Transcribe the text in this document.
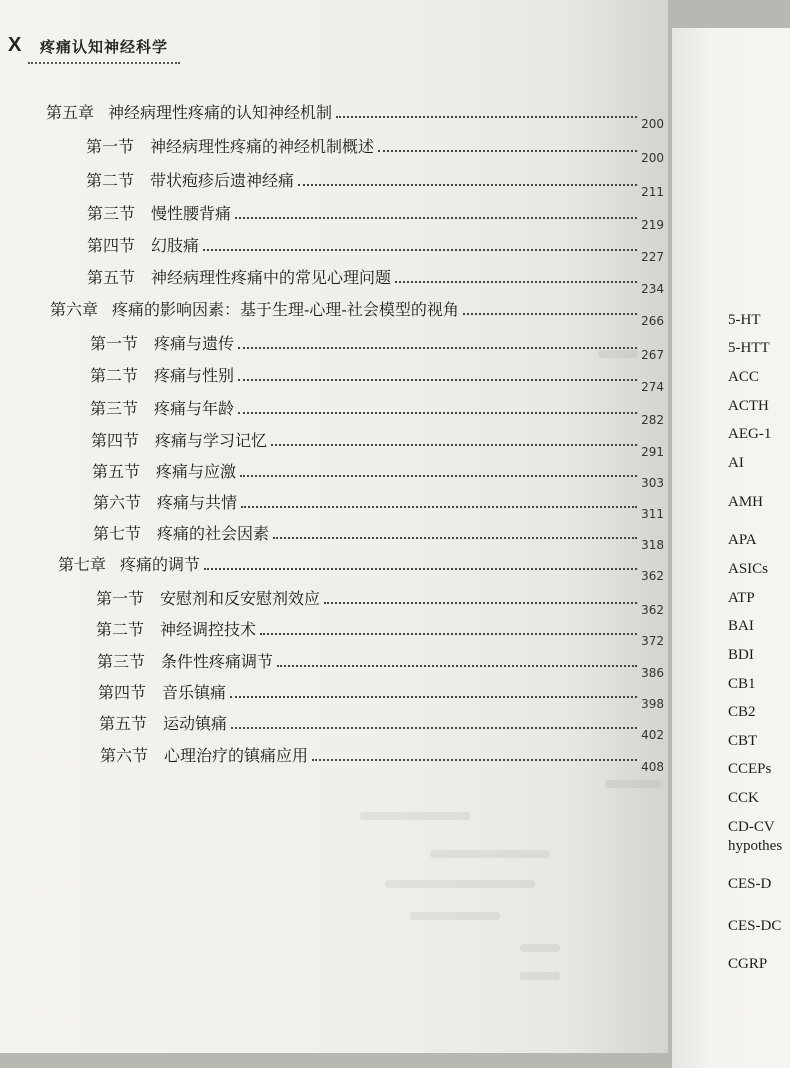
X 疼痛认知神经科学
第五章 神经病理性疼痛的认知神经机制
200
第一节 神经病理性疼痛的神经机制概述
200
第二节 带状疱疹后遗神经痛
211
第三节 慢性腰背痛
219
第四节 幻肢痛
227
第五节 神经病理性疼痛中的常见心理问题
234
第六章 疼痛的影响因素：基于生理-心理-社会模型的视角
266
第一节 疼痛与遗传
267
第二节 疼痛与性别
274
第三节 疼痛与年龄
282
第四节 疼痛与学习记忆
291
第五节 疼痛与应激
303
第六节 疼痛与共情
311
第七节 疼痛的社会因素
318
第七章 疼痛的调节
362
第一节 安慰剂和反安慰剂效应
362
第二节 神经调控技术
372
第三节 条件性疼痛调节
386
第四节 音乐镇痛
398
第五节 运动镇痛
402
第六节 心理治疗的镇痛应用
408
5-HT
5-HTT
ACC
ACTH
AEG-1
AI
AMH
APA
ASICs
ATP
BAI
BDI
CB1
CB2
CBT
CCEPs
CCK
CD-CV
hypothes
CES-D
CES-DC
CGRP
